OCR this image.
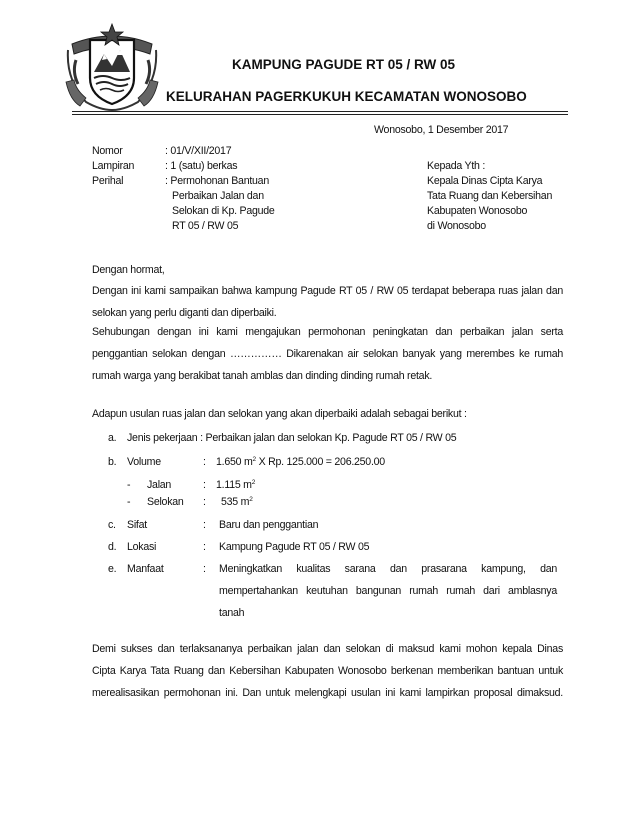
KAMPUNG PAGUDE RT 05 / RW 05
KELURAHAN PAGERKUKUH KECAMATAN WONOSOBO
Wonosobo, 1 Desember 2017
Nomor	: 01/V/XII/2017
Lampiran	: 1 (satu) berkas
Perihal	: Permohonan Bantuan
Perbaikan Jalan dan
Selokan di Kp. Pagude
RT 05 / RW 05
Kepada Yth :
Kepala Dinas Cipta Karya
Tata Ruang dan Kebersihan
Kabupaten Wonosobo
di Wonosobo
Dengan hormat,

Dengan ini kami sampaikan bahwa kampung Pagude RT 05 / RW 05 terdapat beberapa ruas jalan dan

selokan yang perlu diganti dan diperbaiki.

Sehubungan dengan ini kami mengajukan permohonan peningkatan dan perbaikan jalan serta

penggantian selokan dengan …………… Dikarenakan air selokan banyak yang merembes ke rumah

rumah warga yang berakibat tanah amblas dan dinding dinding rumah retak.

Adapun usulan ruas jalan dan selokan yang akan diperbaiki adalah sebagai berikut :
a. Jenis pekerjaan : Perbaikan jalan dan selokan Kp. Pagude RT 05 / RW 05
b. Volume	: 1.650 $m^2$ X Rp. 125.000 = 206.250.00
- Jalan	: 1.115 $m^2$
- Selokan : 535 $m^2$
c. Sifat	: Baru dan penggantian
d. Lokasi	: Kampung Pagude RT 05 / RW 05
e. Manfaat	: Meningkatkan kualitas sarana dan prasarana kampung, dan

mempertahankan keutuhan bangunan rumah rumah dari amblasnya

tanah

Demi sukses dan terlaksananya perbaikan jalan dan selokan di maksud kami mohon kepala Dinas

Cipta Karya Tata Ruang dan Kebersihan Kabupaten Wonosobo berkenan memberikan bantuan untuk

merealisasikan permohonan ini. Dan untuk melengkapi usulan ini kami lampirkan proposal dimaksud.
